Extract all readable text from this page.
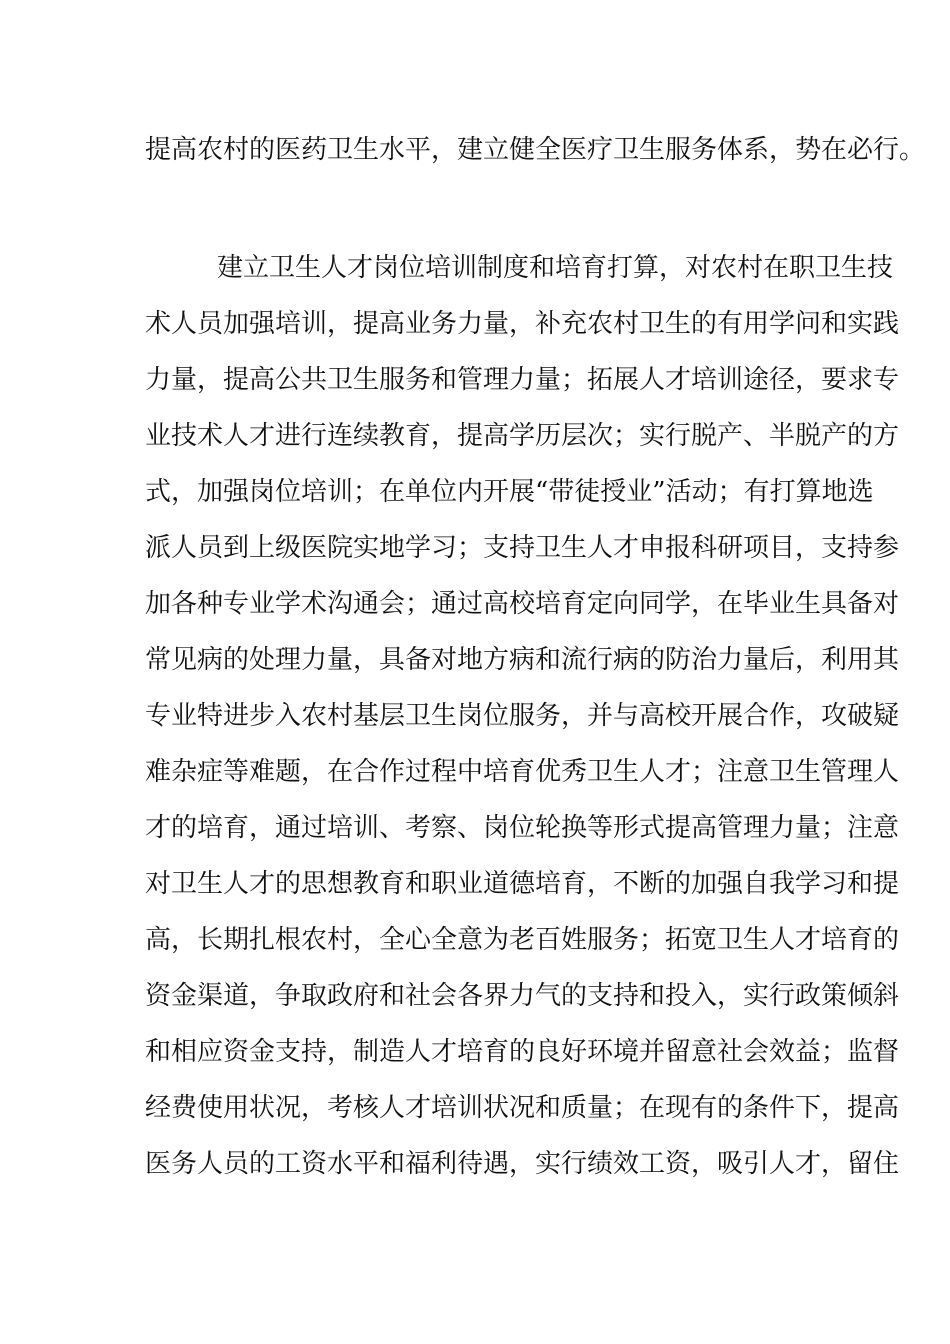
提高农村的医药卫生水平，建立健全医疗卫生服务体系，势在必行。

建立卫生人才岗位培训制度和培育打算，对农村在职卫生技

术人员加强培训，提高业务力量，补充农村卫生的有用学问和实践

力量，提高公共卫生服务和管理力量；拓展人才培训途径，要求专

业技术人才进行连续教育，提高学历层次；实行脱产、半脱产的方

式，加强岗位培训；在单位内开展“带徒授业”活动；有打算地选

派人员到上级医院实地学习；支持卫生人才申报科研项目，支持参

加各种专业学术沟通会；通过高校培育定向同学，在毕业生具备对

常见病的处理力量，具备对地方病和流行病的防治力量后，利用其

专业特进步入农村基层卫生岗位服务，并与高校开展合作，攻破疑

难杂症等难题，在合作过程中培育优秀卫生人才；注意卫生管理人

才的培育，通过培训、考察、岗位轮换等形式提高管理力量；注意

对卫生人才的思想教育和职业道德培育，不断的加强自我学习和提

高，长期扎根农村，全心全意为老百姓服务；拓宽卫生人才培育的

资金渠道，争取政府和社会各界力气的支持和投入，实行政策倾斜

和相应资金支持，制造人才培育的良好环境并留意社会效益；监督

经费使用状况，考核人才培训状况和质量；在现有的条件下，提高

医务人员的工资水平和福利待遇，实行绩效工资，吸引人才，留住
